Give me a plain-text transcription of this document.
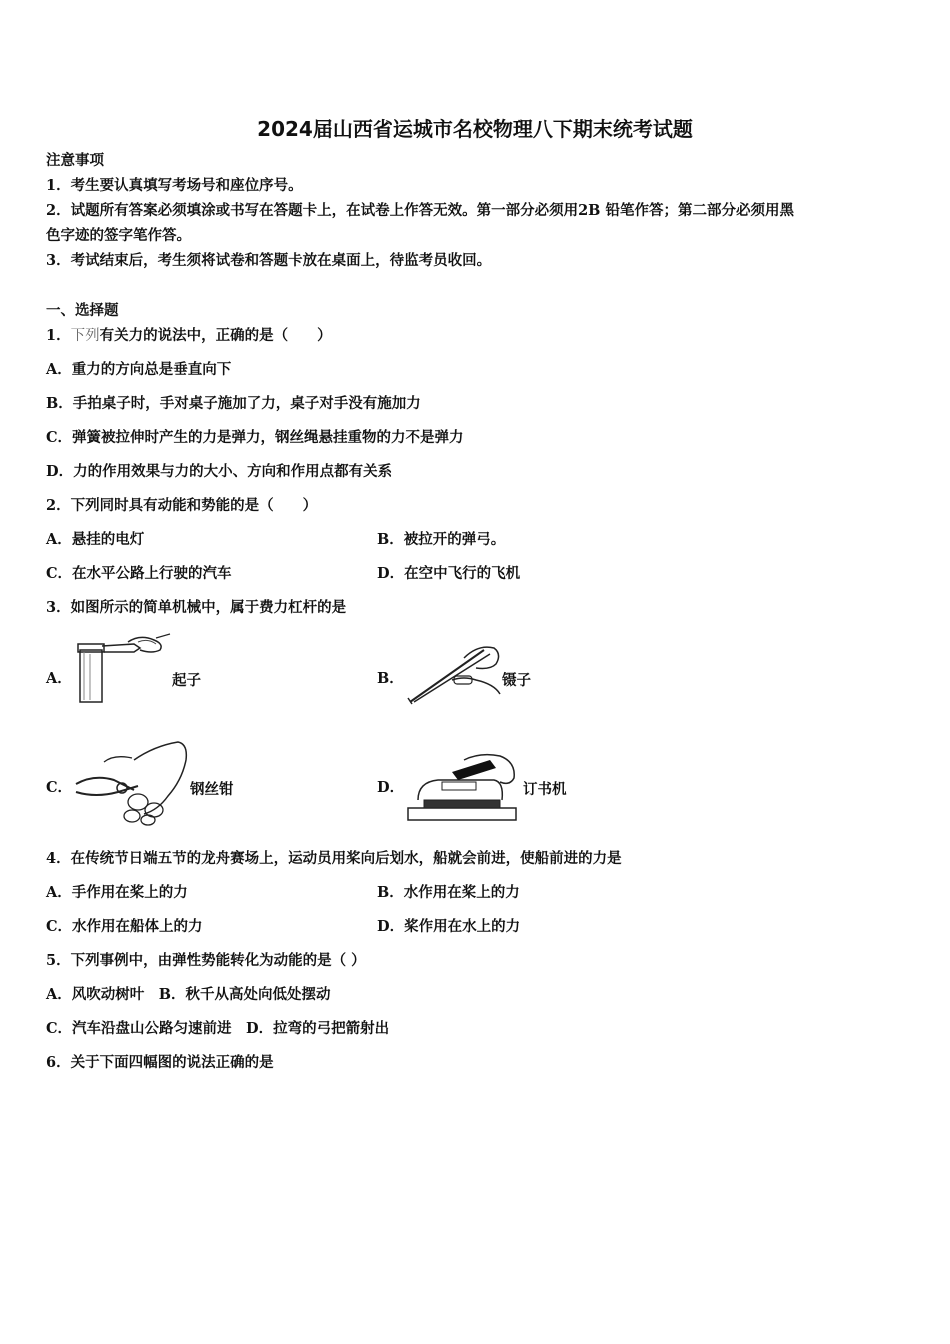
2024届山西省运城市名校物理八下期末统考试题
注意事项
1．考生要认真填写考场号和座位序号。
2．试题所有答案必须填涂或书写在答题卡上，在试卷上作答无效。第一部分必须用2B 铅笔作答；第二部分必须用黑
色字迹的签字笔作答。
3．考试结束后，考生须将试卷和答题卡放在桌面上，待监考员收回。
一、选择题
1．下列有关力的说法中，正确的是（　　）
A．重力的方向总是垂直向下
B．手拍桌子时，手对桌子施加了力，桌子对手没有施加力
C．弹簧被拉伸时产生的力是弹力，钢丝绳悬挂重物的力不是弹力
D．力的作用效果与力的大小、方向和作用点都有关系
2．下列同时具有动能和势能的是（　　）
A．悬挂的电灯	B．被拉开的弹弓。
C．在水平公路上行驶的汽车	D．在空中飞行的飞机
3．如图所示的简单机械中，属于费力杠杆的是
A．	起子	B．	镊子
C．	钢丝钳	D．	订书机
4．在传统节日端五节的龙舟赛场上，运动员用桨向后划水，船就会前进，使船前进的力是
A．手作用在桨上的力	B．水作用在桨上的力
C．水作用在船体上的力	D．桨作用在水上的力
5．下列事例中，由弹性势能转化为动能的是（ ）
A．风吹动树叶　B．秋千从高处向低处摆动
C．汽车沿盘山公路匀速前进　D．拉弯的弓把箭射出
6．关于下面四幅图的说法正确的是
